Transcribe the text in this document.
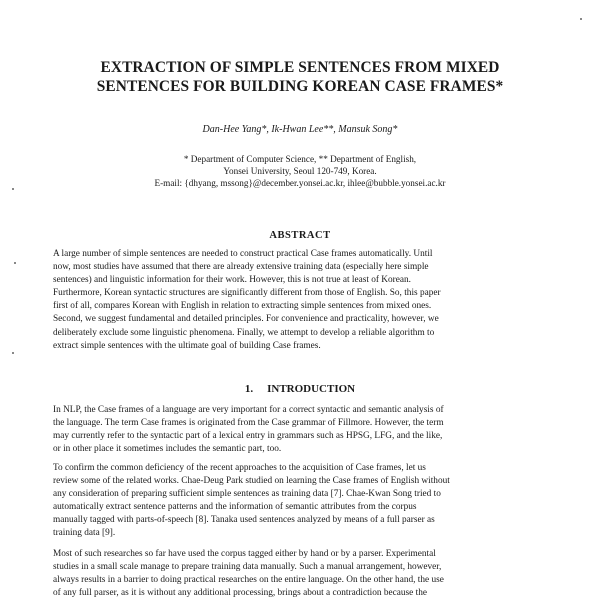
EXTRACTION OF SIMPLE SENTENCES FROM MIXED
SENTENCES FOR BUILDING KOREAN CASE FRAMES*
Dan-Hee Yang*, Ik-Hwan Lee**, Mansuk Song*
* Department of Computer Science, ** Department of English,
Yonsei University, Seoul 120-749, Korea.
E-mail: {dhyang, mssong}@december.yonsei.ac.kr, ihlee@bubble.yonsei.ac.kr
ABSTRACT
A large number of simple sentences are needed to construct practical Case frames automatically. Until
now, most studies have assumed that there are already extensive training data (especially here simple
sentences) and linguistic information for their work. However, this is not true at least of Korean.
Furthermore, Korean syntactic structures are significantly different from those of English. So, this paper
first of all, compares Korean with English in relation to extracting simple sentences from mixed ones.
Second, we suggest fundamental and detailed principles. For convenience and practicality, however, we
deliberately exclude some linguistic phenomena. Finally, we attempt to develop a reliable algorithm to
extract simple sentences with the ultimate goal of building Case frames.
1. INTRODUCTION
In NLP, the Case frames of a language are very important for a correct syntactic and semantic analysis of
the language. The term Case frames is originated from the Case grammar of Fillmore. However, the term
may currently refer to the syntactic part of a lexical entry in grammars such as HPSG, LFG, and the like,
or in other place it sometimes includes the semantic part, too.
To confirm the common deficiency of the recent approaches to the acquisition of Case frames, let us
review some of the related works. Chae-Deug Park studied on learning the Case frames of English without
any consideration of preparing sufficient simple sentences as training data [7]. Chae-Kwan Song tried to
automatically extract sentence patterns and the information of semantic attributes from the corpus
manually tagged with parts-of-speech [8]. Tanaka used sentences analyzed by means of a full parser as
training data [9].
Most of such researches so far have used the corpus tagged either by hand or by a parser. Experimental
studies in a small scale manage to prepare training data manually. Such a manual arrangement, however,
always results in a barrier to doing practical researches on the entire language. On the other hand, the use
of any full parser, as it is without any additional processing, brings about a contradiction because the
